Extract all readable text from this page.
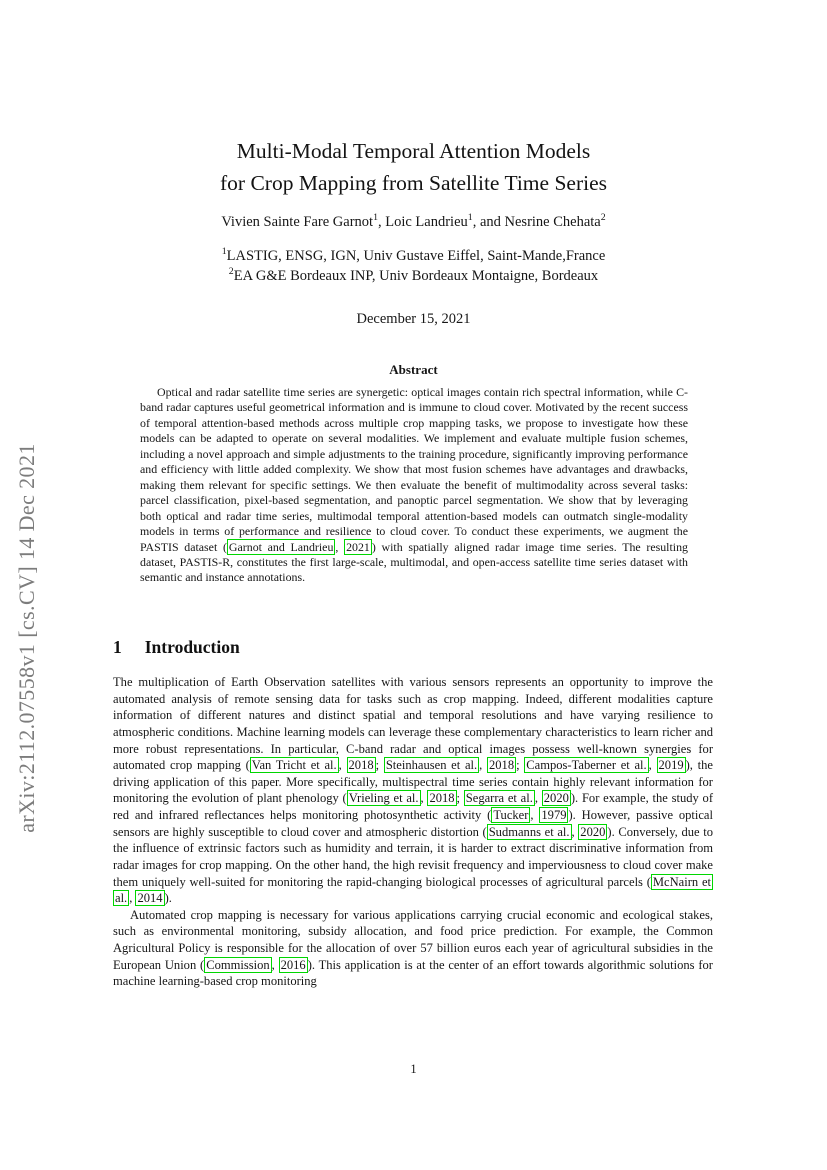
arXiv:2112.07558v1 [cs.CV] 14 Dec 2021
Multi-Modal Temporal Attention Models
for Crop Mapping from Satellite Time Series
Vivien Sainte Fare Garnot$^1$, Loic Landrieu$^1$, and Nesrine Chehata$^2$
$^1$LASTIG, ENSG, IGN, Univ Gustave Eiffel, Saint-Mande,France
$^2$EA G&E Bordeaux INP, Univ Bordeaux Montaigne, Bordeaux
December 15, 2021
Abstract

Optical and radar satellite time series are synergetic: optical images contain rich spectral information, while C-band radar captures useful geometrical information and is immune to cloud cover. Motivated by the recent success of temporal attention-based methods across multiple crop mapping tasks, we propose to investigate how these models can be adapted to operate on several modalities. We implement and evaluate multiple fusion schemes, including a novel approach and simple adjustments to the training procedure, significantly improving performance and efficiency with little added complexity. We show that most fusion schemes have advantages and drawbacks, making them relevant for specific settings. We then evaluate the benefit of multimodality across several tasks: parcel classification, pixel-based segmentation, and panoptic parcel segmentation. We show that by leveraging both optical and radar time series, multimodal temporal attention-based models can outmatch single-modality models in terms of performance and resilience to cloud cover. To conduct these experiments, we augment the PASTIS dataset ( Garnot and Landrieu , 2021 ) with spatially aligned radar image time series. The resulting dataset, PASTIS-R, constitutes the first large-scale, multimodal, and open-access satellite time series dataset with semantic and instance annotations.

1 Introduction

The multiplication of Earth Observation satellites with various sensors represents an opportunity to improve the automated analysis of remote sensing data for tasks such as crop mapping. Indeed, different modalities capture information of different natures and distinct spatial and temporal resolutions and have varying resilience to atmospheric conditions. Machine learning models can leverage these complementary characteristics to learn richer and more robust representations. In particular, C-band radar and optical images possess well-known synergies for automated crop mapping ( Van Tricht et al. , 2018 ; Steinhausen et al. , 2018 ; Campos-Taberner et al. , 2019 ), the driving application of this paper. More specifically, multispectral time series contain highly relevant information for monitoring the evolution of plant phenology ( Vrieling et al. , 2018 ; Segarra et al. , 2020 ). For example, the study of red and infrared reflectances helps monitoring photosynthetic activity ( Tucker , 1979 ). However, passive optical sensors are highly susceptible to cloud cover and atmospheric distortion ( Sudmanns et al. , 2020 ). Conversely, due to the influence of extrinsic factors such as humidity and terrain, it is harder to extract discriminative information from radar images for crop mapping. On the other hand, the high revisit frequency and imperviousness to cloud cover make them uniquely well-suited for monitoring the rapid-changing biological processes of agricultural parcels ( McNairn et al. , 2014 ).

Automated crop mapping is necessary for various applications carrying crucial economic and ecological stakes, such as environmental monitoring, subsidy allocation, and food price prediction. For example, the Common Agricultural Policy is responsible for the allocation of over 57 billion euros each year of agricultural subsidies in the European Union ( Commission , 2016 ). This application is at the center of an effort towards algorithmic solutions for machine learning-based crop monitoring

1
